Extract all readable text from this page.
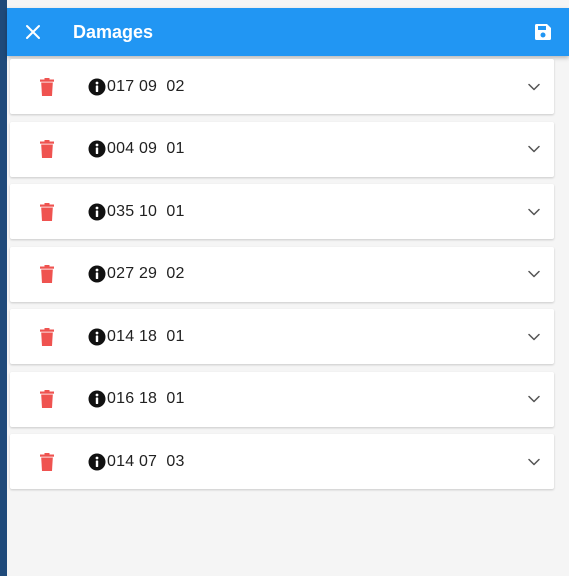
Damages
017 09  02
004 09  01
035 10  01
027 29  02
014 18  01
016 18  01
014 07  03
